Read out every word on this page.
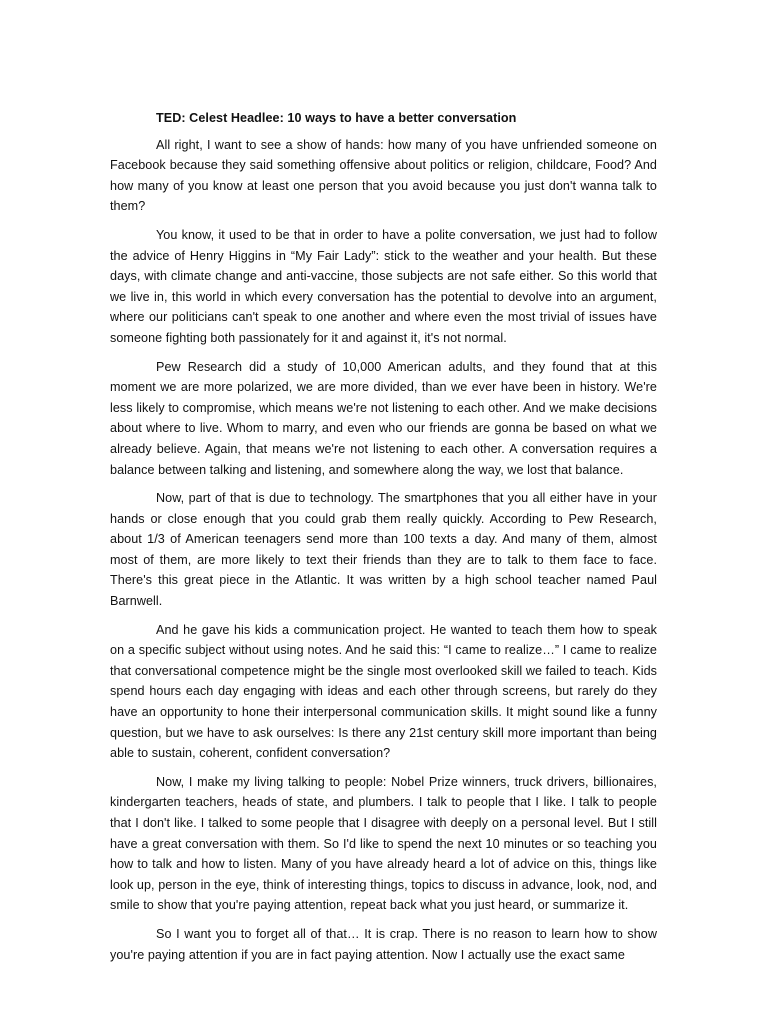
TED: Celest Headlee: 10 ways to have a better conversation

All right, I want to see a show of hands: how many of you have unfriended someone on Facebook because they said something offensive about politics or religion, childcare, Food? And how many of you know at least one person that you avoid because you just don't wanna talk to them?

You know, it used to be that in order to have a polite conversation, we just had to follow the advice of Henry Higgins in “My Fair Lady”: stick to the weather and your health. But these days, with climate change and anti-vaccine, those subjects are not safe either. So this world that we live in, this world in which every conversation has the potential to devolve into an argument, where our politicians can't speak to one another and where even the most trivial of issues have someone fighting both passionately for it and against it, it's not normal.

Pew Research did a study of 10,000 American adults, and they found that at this moment we are more polarized, we are more divided, than we ever have been in history. We're less likely to compromise, which means we're not listening to each other. And we make decisions about where to live. Whom to marry, and even who our friends are gonna be based on what we already believe. Again, that means we're not listening to each other. A conversation requires a balance between talking and listening, and somewhere along the way, we lost that balance.

Now, part of that is due to technology. The smartphones that you all either have in your hands or close enough that you could grab them really quickly. According to Pew Research, about 1/3 of American teenagers send more than 100 texts a day. And many of them, almost most of them, are more likely to text their friends than they are to talk to them face to face. There's this great piece in the Atlantic. It was written by a high school teacher named Paul Barnwell.

And he gave his kids a communication project. He wanted to teach them how to speak on a specific subject without using notes. And he said this: “I came to realize…” I came to realize that conversational competence might be the single most overlooked skill we failed to teach. Kids spend hours each day engaging with ideas and each other through screens, but rarely do they have an opportunity to hone their interpersonal communication skills. It might sound like a funny question, but we have to ask ourselves: Is there any 21st century skill more important than being able to sustain, coherent, confident conversation?

Now, I make my living talking to people: Nobel Prize winners, truck drivers, billionaires, kindergarten teachers, heads of state, and plumbers. I talk to people that I like. I talk to people that I don't like. I talked to some people that I disagree with deeply on a personal level. But I still have a great conversation with them. So I'd like to spend the next 10 minutes or so teaching you how to talk and how to listen. Many of you have already heard a lot of advice on this, things like look up, person in the eye, think of interesting things, topics to discuss in advance, look, nod, and smile to show that you're paying attention, repeat back what you just heard, or summarize it.

So I want you to forget all of that… It is crap. There is no reason to learn how to show you're paying attention if you are in fact paying attention. Now I actually use the exact same
